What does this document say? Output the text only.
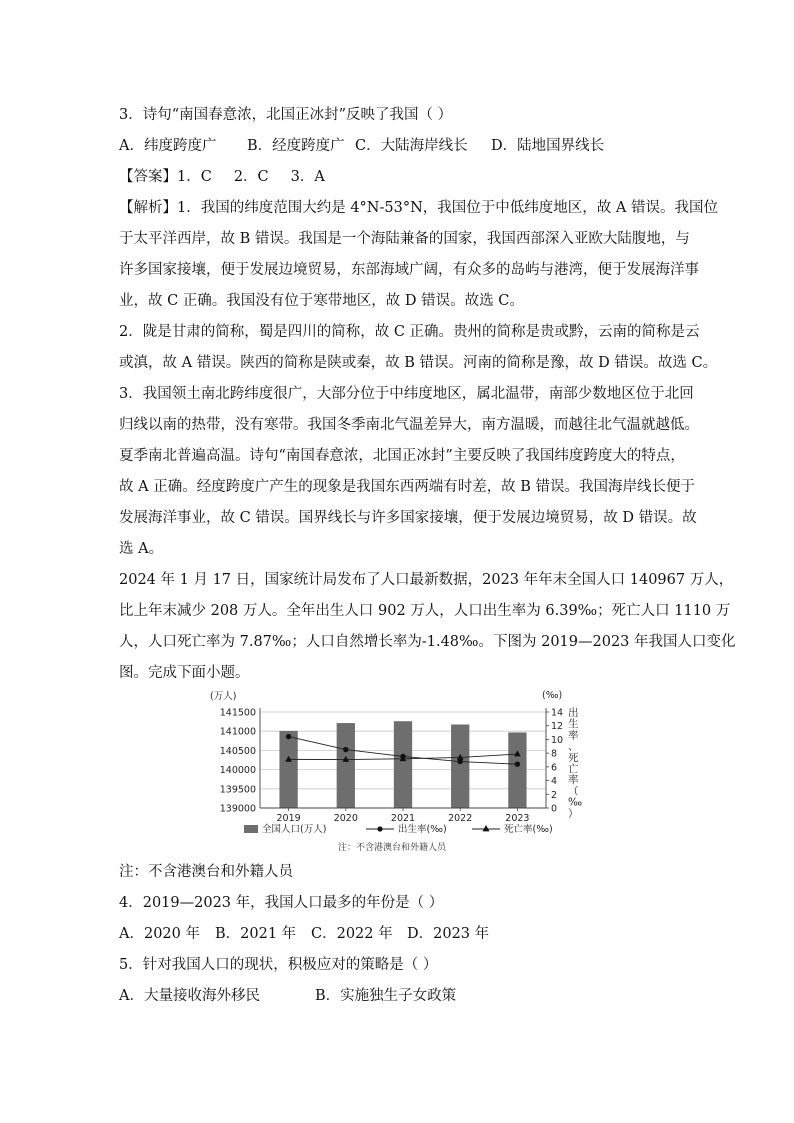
3．诗句“南国春意浓，北国正冰封”反映了我国（ ）
A．纬度跨度广 B．经度跨度广 C．大陆海岸线长 D．陆地国界线长
【答案】1．C 2．C 3．A
【解析】1．我国的纬度范围大约是 4°N-53°N，我国位于中低纬度地区，故 A 错误。我国位
于太平洋西岸，故 B 错误。我国是一个海陆兼备的国家，我国西部深入亚欧大陆腹地，与
许多国家接壤，便于发展边境贸易，东部海域广阔，有众多的岛屿与港湾，便于发展海洋事
业，故 C 正确。我国没有位于寒带地区，故 D 错误。故选 C。
2．陇是甘肃的简称，蜀是四川的简称，故 C 正确。贵州的简称是贵或黔，云南的简称是云
或滇，故 A 错误。陕西的简称是陕或秦，故 B 错误。河南的简称是豫，故 D 错误。故选 C。
3．我国领土南北跨纬度很广，大部分位于中纬度地区，属北温带，南部少数地区位于北回
归线以南的热带，没有寒带。我国冬季南北气温差异大，南方温暖，而越往北气温就越低。
夏季南北普遍高温。诗句“南国春意浓，北国正冰封”主要反映了我国纬度跨度大的特点，
故 A 正确。经度跨度广产生的现象是我国东西两端有时差，故 B 错误。我国海岸线长便于
发展海洋事业，故 C 错误。国界线长与许多国家接壤，便于发展边境贸易，故 D 错误。故
选 A。
2024 年 1 月 17 日，国家统计局发布了人口最新数据，2023 年年末全国人口 140967 万人，
比上年末减少 208 万人。全年出生人口 902 万人，人口出生率为 6.39‰；死亡人口 1110 万
人，人口死亡率为 7.87‰；人口自然增长率为-1.48‰。下图为 2019—2023 年我国人口变化
图。完成下面小题。
139000
139500
140000
140500
141000
141500
0
2
4
6
8
10
12
14 出生率、死亡率（‰）
2019	2020	2021	2022	2023
(万人)	(‰)
全国人口(万人)	出生率(‰)	死亡率(‰)
注：不含港澳台和外籍人员
注：不含港澳台和外籍人员
4．2019—2023 年，我国人口最多的年份是（ ）
A．2020 年 B．2021 年 C．2022 年 D．2023 年
5．针对我国人口的现状，积极应对的策略是（ ）
A．大量接收海外移民	B．实施独生子女政策
